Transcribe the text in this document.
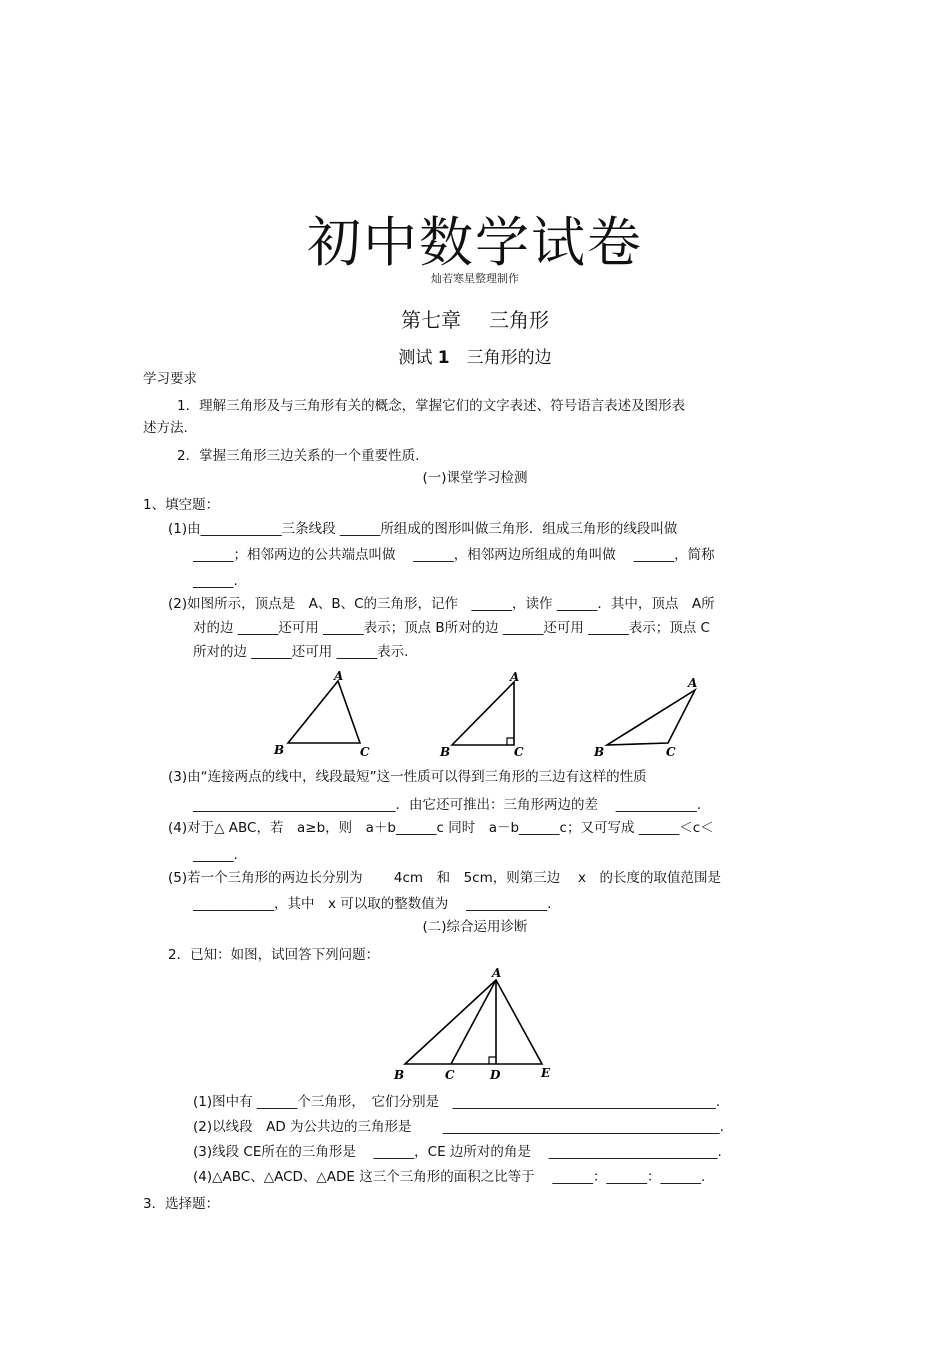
初中数学试卷
灿若寒星整理制作
第七章 三角形
测试 1　 三角形的边
学习要求
1．理解三角形及与三角形有关的概念，掌握它们的文字表述、符号语言表述及图形表
述方法.
2．掌握三角形三边关系的一个重要性质.
(一)课堂学习检测
1、填空题：
(1)由____________三条线段 ______所组成的图形叫做三角形．组成三角形的线段叫做
______；相邻两边的公共端点叫做　 ______，相邻两边所组成的角叫做　 ______，简称
______.
(2)如图所示，顶点是　A、B、C的三角形，记作　______，读作 ______．其中，顶点　A所
对的边 ______还可用 ______表示；顶点 B所对的边 ______还可用 ______表示；顶点 C
所对的边 ______还可用 ______表示.
A
B	C
A
B	C
A
B	C
(3)由“连接两点的线中，线段最短”这一性质可以得到三角形的三边有这样的性质
______________________________．由它还可推出：三角形两边的差　 ____________.
(4)对于△ ABC，若　a≥b，则　a＋b______c 同时　a－b______c；又可写成 ______＜c＜
______.
(5)若一个三角形的两边长分别为　　 4cm　和　5cm，则第三边　 x　的长度的取值范围是
____________，其中　x 可以取的整数值为　 ____________.
(二)综合运用诊断
2．已知：如图，试回答下列问题：
A
B	C	D	E
(1)图中有 ______个三角形，　它们分别是　_______________________________________.
(2)以线段　AD 为公共边的三角形是　　 _________________________________________.
(3)线段 CE所在的三角形是　 ______，CE 边所对的角是　 _________________________.
(4)△ABC、△ACD、△ADE 这三个三角形的面积之比等于　 ______：______：______.
3．选择题：
